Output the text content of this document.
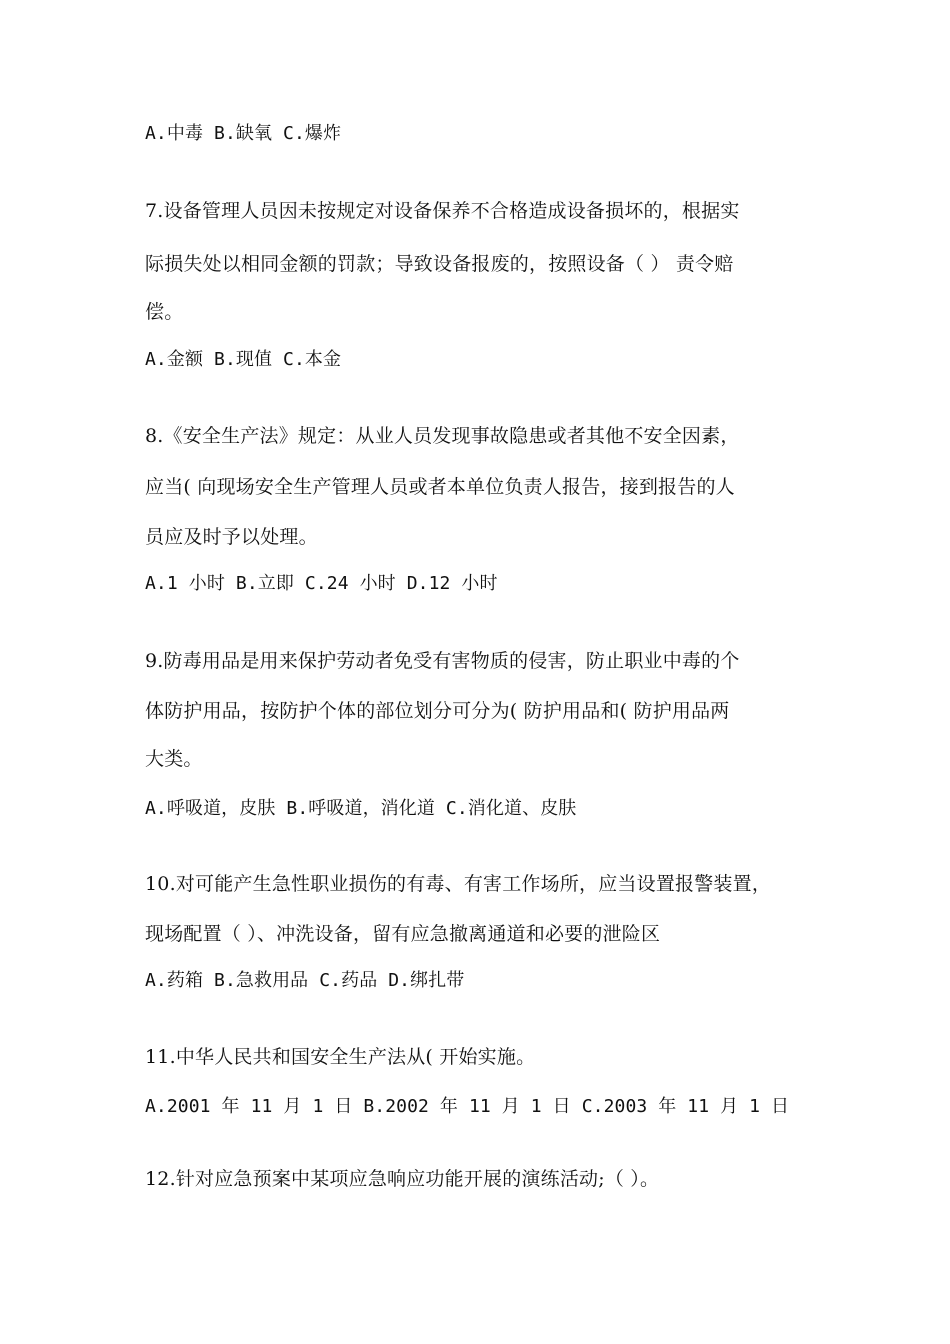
A.中毒 B.缺氧 C.爆炸
7.设备管理人员因未按规定对设备保养不合格造成设备损坏的，根据实
际损失处以相同金额的罚款；导致设备报废的，按照设备（ ） 责令赔
偿。
A.金额 B.现值 C.本金
8.《安全生产法》规定：从业人员发现事故隐患或者其他不安全因素，
应当( 向现场安全生产管理人员或者本单位负责人报告，接到报告的人
员应及时予以处理。
A.1 小时 B.立即 C.24 小时 D.12 小时
9.防毒用品是用来保护劳动者免受有害物质的侵害，防止职业中毒的个
体防护用品，按防护个体的部位划分可分为( 防护用品和( 防护用品两
大类。
A.呼吸道，皮肤 B.呼吸道，消化道 C.消化道、皮肤
10.对可能产生急性职业损伤的有毒、有害工作场所，应当设置报警装置，
现场配置（ ）、冲洗设备，留有应急撤离通道和必要的泄险区
A.药箱 B.急救用品 C.药品 D.绑扎带
11.中华人民共和国安全生产法从( 开始实施。
A.2001 年 11 月 1 日 B.2002 年 11 月 1 日 C.2003 年 11 月 1 日
12.针对应急预案中某项应急响应功能开展的演练活动;（ ）。
